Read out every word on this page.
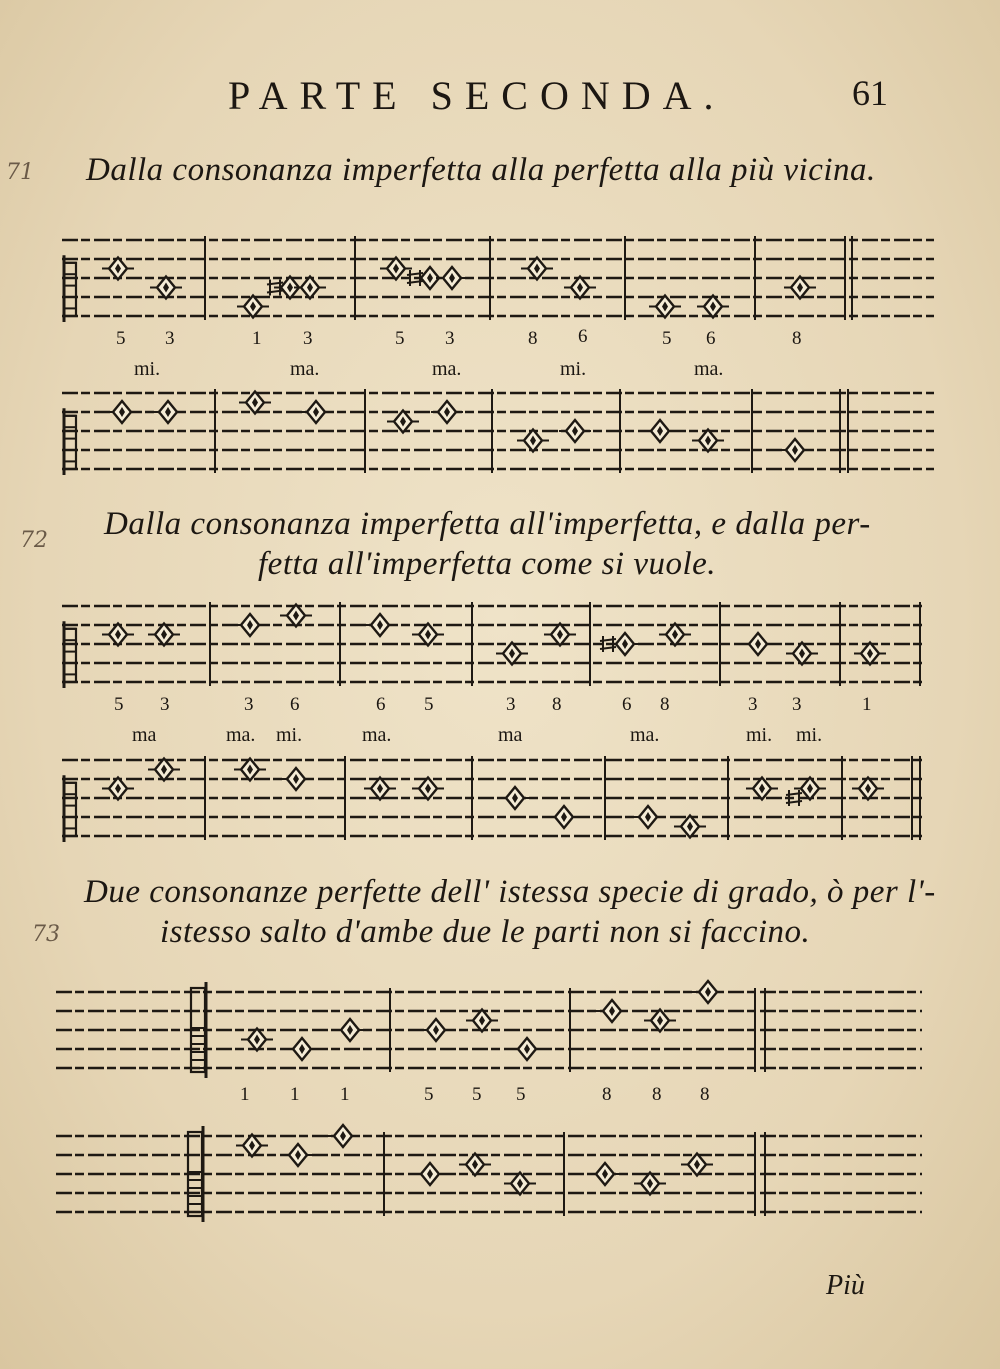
PARTE SECONDA.	61
71 Dalla consonanza imperfetta alla perfetta alla più vicina.
5 3	1 3	5 3	8 6	5 6	8
mi.	ma.	ma.	mi.	ma.
72 Dalla consonanza imperfetta all'imperfetta, e dalla per-
fetta all'imperfetta come si vuole.
5 3	3 6	6 5	3 8	6 8	3 3	1
ma	ma. mi.	ma.	ma	ma.	mi. mi.
73
Due consonanze perfette dell' istessa specie di grado, ò per l'-
istesso salto d'ambe due le parti non si faccino.
1 1 1	5 5 5	8 8 8
Più
